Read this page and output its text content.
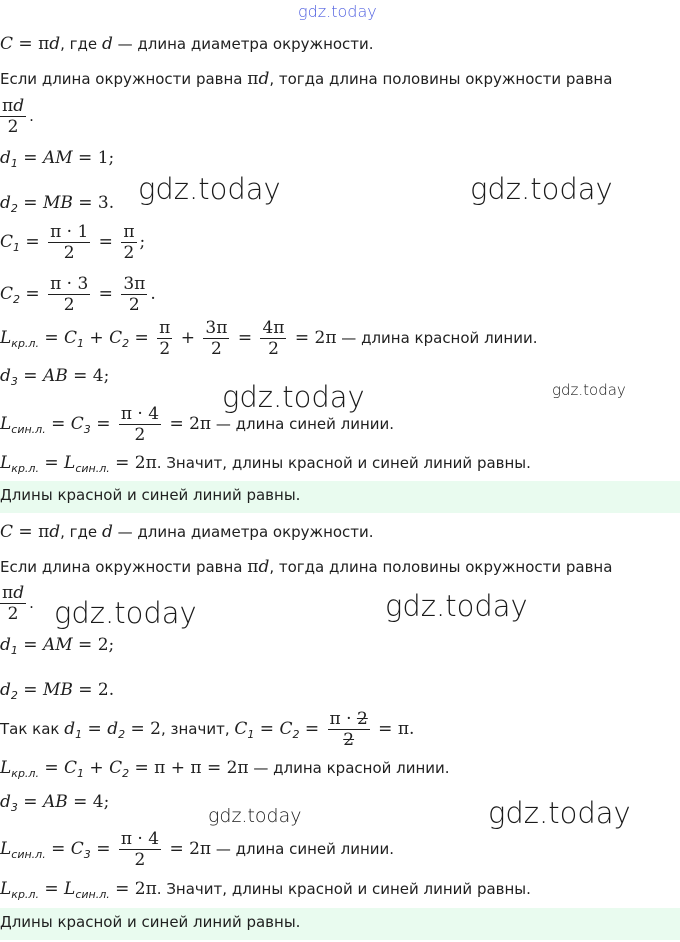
gdz.today
C = πd, где d — длина диаметра окружности.
Если длина окружности равна πd, тогда длина половины окружности равна
$\frac{\pi d}{2}$ .
$d_1$ = AM = 1;
$d_2$ = MB = 3.
$C_1 = \frac{\pi \cdot 1}{2} = \frac{\pi}{2}$ ;
$C_2 = \frac{\pi \cdot 3}{2} = \frac{3\pi}{2}$ .
$L_{кр.л.} = C_1 + C_2 = \frac{\pi}{2} + \frac{3\pi}{2} = \frac{4\pi}{2} = 2\pi$ — длина красной линии.
$d_3$ = AB = 4;
$L_{син.л.} = C_3 = \frac{\pi \cdot 4}{2} = 2\pi$ — длина синей линии.
$L_{кр.л.} = L_{син.л.} = 2\pi$. Значит, длины красной и синей линий равны.
Длины красной и синей линий равны.
C = πd, где d — длина диаметра окружности.
Если длина окружности равна πd, тогда длина половины окружности равна
$\frac{\pi d}{2}$ .
$d_1$ = AM = 2;
$d_2$ = MB = 2.
Так как $d_1 = d_2 = 2$, значит, $C_1 = C_2 = \frac{\pi \cdot 2}{2} = \pi$.
$L_{кр.л.} = C_1 + C_2 = \pi + \pi = 2\pi$ — длина красной линии.
$d_3$ = AB = 4;
$L_{син.л.} = C_3 = \frac{\pi \cdot 4}{2} = 2\pi$ — длина синей линии.
$L_{кр.л.} = L_{син.л.} = 2\pi$. Значит, длины красной и синей линий равны.
Длины красной и синей линий равны.
gdz.today	gdz.today
gdz.today	gdz.today
gdz.today	gdz.today
gdz.today	gdz.today
